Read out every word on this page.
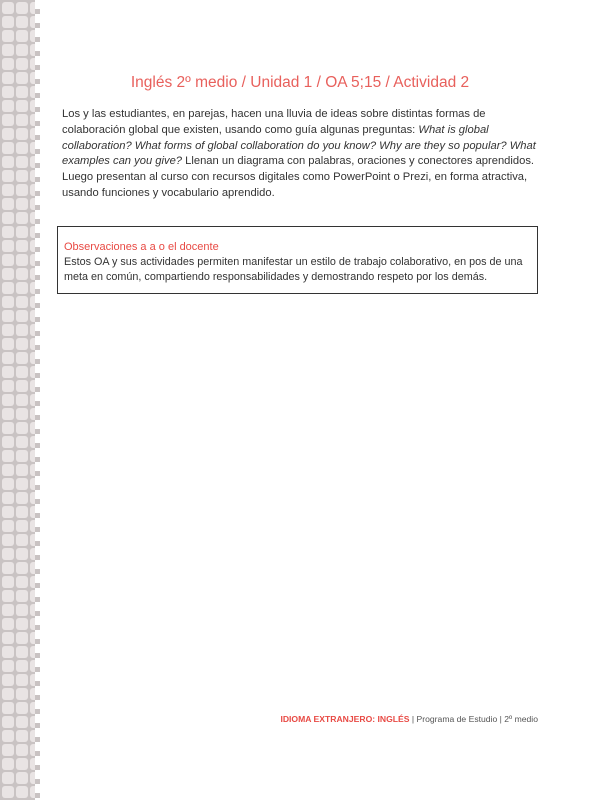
Inglés 2º medio / Unidad 1 / OA 5;15 / Actividad 2

Los y las estudiantes, en parejas, hacen una lluvia de ideas sobre distintas formas de colaboración global que existen, usando como guía algunas preguntas: What is global collaboration? What forms of global collaboration do you know? Why are they so popular? What examples can you give? Llenan un diagrama con palabras, oraciones y conectores aprendidos. Luego presentan al curso con recursos digitales como PowerPoint o Prezi, en forma atractiva, usando funciones y vocabulario aprendido.

Observaciones a a o el docente

Estos OA y sus actividades permiten manifestar un estilo de trabajo colaborativo, en pos de una meta en común, compartiendo responsabilidades y demostrando respeto por los demás.

IDIOMA EXTRANJERO: INGLÉS | Programa de Estudio | 2º medio
